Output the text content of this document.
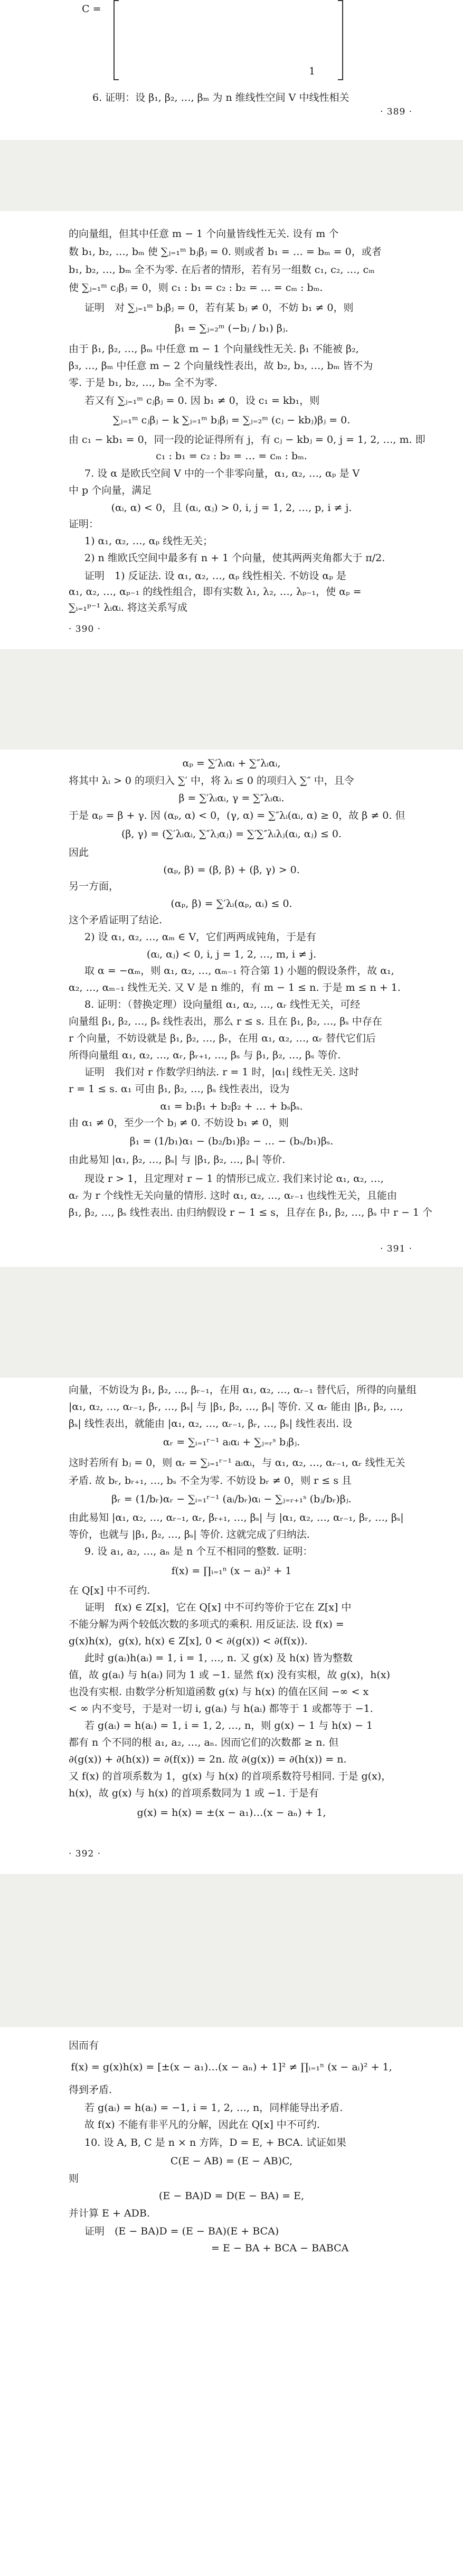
C =
1
6. 证明：设 β₁, β₂, …, βₘ 为 n 维线性空间 V 中线性相关
· 389 ·
的向量组，但其中任意 m − 1 个向量皆线性无关. 设有 m 个
数 b₁, b₂, …, bₘ 使 ∑ⱼ₌₁ᵐ bⱼβⱼ = 0. 则或者 b₁ = … = bₘ = 0，或者
b₁, b₂, …, bₘ 全不为零. 在后者的情形，若有另一组数 c₁, c₂, …, cₘ
使 ∑ⱼ₌₁ᵐ cⱼβⱼ = 0，则 c₁ : b₁ = c₂ : b₂ = … = cₘ : bₘ.
证明　对 ∑ⱼ₌₁ᵐ bⱼβⱼ = 0，若有某 bⱼ ≠ 0，不妨 b₁ ≠ 0，则
β₁ = ∑ⱼ₌₂ᵐ (−bⱼ / b₁) βⱼ.
由于 β₁, β₂, …, βₘ 中任意 m − 1 个向量线性无关. β₁ 不能被 β₂,
β₃, …, βₘ 中任意 m − 2 个向量线性表出，故 b₂, b₃, …, bₘ 皆不为
零. 于是 b₁, b₂, …, bₘ 全不为零.
若又有 ∑ⱼ₌₁ᵐ cⱼβⱼ = 0. 因 b₁ ≠ 0，设 c₁ = kb₁，则
∑ⱼ₌₁ᵐ cⱼβⱼ − k ∑ⱼ₌₁ᵐ bⱼβⱼ = ∑ⱼ₌₂ᵐ (cⱼ − kbⱼ)βⱼ = 0.
由 c₁ − kb₁ = 0，同一段的论证得所有 j，有 cⱼ − kbⱼ = 0, j = 1, 2, …, m. 即
c₁ : b₁ = c₂ : b₂ = … = cₘ : bₘ.
7. 设 α 是欧氏空间 V 中的一个非零向量，α₁, α₂, …, αₚ 是 V
中 p 个向量，满足
(αᵢ, α) < 0，且 (αᵢ, αⱼ) > 0, i, j = 1, 2, …, p, i ≠ j.
证明：
1) α₁, α₂, …, αₚ 线性无关；
2) n 维欧氏空间中最多有 n + 1 个向量，使其两两夹角都大于 π/2.
证明　1) 反证法. 设 α₁, α₂, …, αₚ 线性相关. 不妨设 αₚ 是
α₁, α₂, …, αₚ₋₁ 的线性组合，即有实数 λ₁, λ₂, …, λₚ₋₁，使 αₚ =
∑ᵢ₌₁ᵖ⁻¹ λᵢαᵢ. 将这关系写成
· 390 ·
αₚ = ∑′λᵢαᵢ + ∑″λᵢαᵢ,
将其中 λᵢ > 0 的项归入 ∑′ 中，将 λᵢ ≤ 0 的项归入 ∑″ 中，且令
β = ∑′λᵢαᵢ, γ = ∑″λᵢαᵢ.
于是 αₚ = β + γ. 因 (αₚ, α) < 0，(γ, α) = ∑″λᵢ(αᵢ, α) ≥ 0，故 β ≠ 0. 但
(β, γ) = (∑′λᵢαᵢ, ∑″λⱼαⱼ) = ∑′∑″λᵢλⱼ(αᵢ, αⱼ) ≤ 0.
因此
(αₚ, β) = (β, β) + (β, γ) > 0.
另一方面，
(αₚ, β) = ∑′λᵢ(αₚ, αᵢ) ≤ 0.
这个矛盾证明了结论.
2) 设 α₁, α₂, …, αₘ ∈ V，它们两两成钝角，于是有
(αᵢ, αⱼ) < 0, i, j = 1, 2, …, m, i ≠ j.
取 α = −αₘ，则 α₁, α₂, …, αₘ₋₁ 符合第 1) 小题的假设条件，故 α₁,
α₂, …, αₘ₋₁ 线性无关. 又 V 是 n 维的，有 m − 1 ≤ n. 于是 m ≤ n + 1.
8. 证明：（替换定理）设向量组 α₁, α₂, …, αᵣ 线性无关，可经
向量组 β₁, β₂, …, βₛ 线性表出，那么 r ≤ s. 且在 β₁, β₂, …, βₛ 中存在
r 个向量，不妨设就是 β₁, β₂, …, βᵣ，在用 α₁, α₂, …, αᵣ 替代它们后
所得向量组 α₁, α₂, …, αᵣ, βᵣ₊₁, …, βₛ 与 β₁, β₂, …, βₛ 等价.
证明　我们对 r 作数学归纳法. r = 1 时，|α₁| 线性无关. 这时
r = 1 ≤ s. α₁ 可由 β₁, β₂, …, βₛ 线性表出，设为
α₁ = b₁β₁ + b₂β₂ + … + bₛβₛ.
由 α₁ ≠ 0，至少一个 bⱼ ≠ 0. 不妨设 b₁ ≠ 0，则
β₁ = (1/b₁)α₁ − (b₂/b₁)β₂ − … − (bₛ/b₁)βₛ.
由此易知 |α₁, β₂, …, βₛ| 与 |β₁, β₂, …, βₛ| 等价.
现设 r > 1，且定理对 r − 1 的情形已成立. 我们来讨论 α₁, α₂, …,
αᵣ 为 r 个线性无关向量的情形. 这时 α₁, α₂, …, αᵣ₋₁ 也线性无关，且能由
β₁, β₂, …, βₛ 线性表出. 由归纳假设 r − 1 ≤ s，且存在 β₁, β₂, …, βₛ 中 r − 1 个
· 391 ·
向量，不妨设为 β₁, β₂, …, βᵣ₋₁，在用 α₁, α₂, …, αᵣ₋₁ 替代后，所得的向量组
|α₁, α₂, …, αᵣ₋₁, βᵣ, …, βₛ| 与 |β₁, β₂, …, βₛ| 等价. 又 αᵣ 能由 |β₁, β₂, …,
βₛ| 线性表出，就能由 |α₁, α₂, …, αᵣ₋₁, βᵣ, …, βₛ| 线性表出. 设
αᵣ = ∑ᵢ₌₁ʳ⁻¹ aᵢαᵢ + ∑ⱼ₌ᵣˢ bⱼβⱼ.
这时若所有 bⱼ = 0，则 αᵣ = ∑ᵢ₌₁ʳ⁻¹ aᵢαᵢ，与 α₁, α₂, …, αᵣ₋₁, αᵣ 线性无关
矛盾. 故 bᵣ, bᵣ₊₁, …, bₛ 不全为零. 不妨设 bᵣ ≠ 0，则 r ≤ s 且
βᵣ = (1/bᵣ)αᵣ − ∑ᵢ₌₁ʳ⁻¹ (aᵢ/bᵣ)αᵢ − ∑ⱼ₌ᵣ₊₁ˢ (bⱼ/bᵣ)βⱼ.
由此易知 |α₁, α₂, …, αᵣ₋₁, αᵣ, βᵣ₊₁, …, βₛ| 与 |α₁, α₂, …, αᵣ₋₁, βᵣ, …, βₛ|
等价，也就与 |β₁, β₂, …, βₛ| 等价. 这就完成了归纳法.
9. 设 a₁, a₂, …, aₙ 是 n 个互不相同的整数. 证明：
f(x) = ∏ᵢ₌₁ⁿ (x − aᵢ)² + 1
在 Q[x] 中不可约.
证明　f(x) ∈ Z[x]，它在 Q[x] 中不可约等价于它在 Z[x] 中
不能分解为两个较低次数的多项式的乘积. 用反证法. 设 f(x) =
g(x)h(x)，g(x), h(x) ∈ Z[x], 0 < ∂(g(x)) < ∂(f(x)).
此时 g(aᵢ)h(aᵢ) = 1, i = 1, …, n. 又 g(x) 及 h(x) 皆为整数
值，故 g(aᵢ) 与 h(aᵢ) 同为 1 或 −1. 显然 f(x) 没有实根，故 g(x)，h(x)
也没有实根. 由数学分析知道函数 g(x) 与 h(x) 的值在区间 −∞ < x
< ∞ 内不变号，于是对一切 i, g(aᵢ) 与 h(aᵢ) 都等于 1 或都等于 −1.
若 g(aᵢ) = h(aᵢ) = 1, i = 1, 2, …, n，则 g(x) − 1 与 h(x) − 1
都有 n 个不同的根 a₁, a₂, …, aₙ. 因而它们的次数都 ≥ n. 但
∂(g(x)) + ∂(h(x)) = ∂(f(x)) = 2n. 故 ∂(g(x)) = ∂(h(x)) = n.
又 f(x) 的首项系数为 1，g(x) 与 h(x) 的首项系数符号相同. 于是 g(x)，
h(x)，故 g(x) 与 h(x) 的首项系数同为 1 或 −1. 于是有
g(x) = h(x) = ±(x − a₁)…(x − aₙ) + 1,
· 392 ·
因而有
f(x) = g(x)h(x) = [±(x − a₁)…(x − aₙ) + 1]² ≠ ∏ᵢ₌₁ⁿ (x − aᵢ)² + 1,
得到矛盾.
若 g(aᵢ) = h(aᵢ) = −1, i = 1, 2, …, n，同样能导出矛盾.
故 f(x) 不能有非平凡的分解，因此在 Q[x] 中不可约.
10. 设 A, B, C 是 n × n 方阵，D = E, + BCA. 试证如果
C(E − AB) = (E − AB)C,
则
(E − BA)D = D(E − BA) = E,
并计算 E + ADB.
证明　(E − BA)D = (E − BA)(E + BCA)
= E − BA + BCA − BABCA
